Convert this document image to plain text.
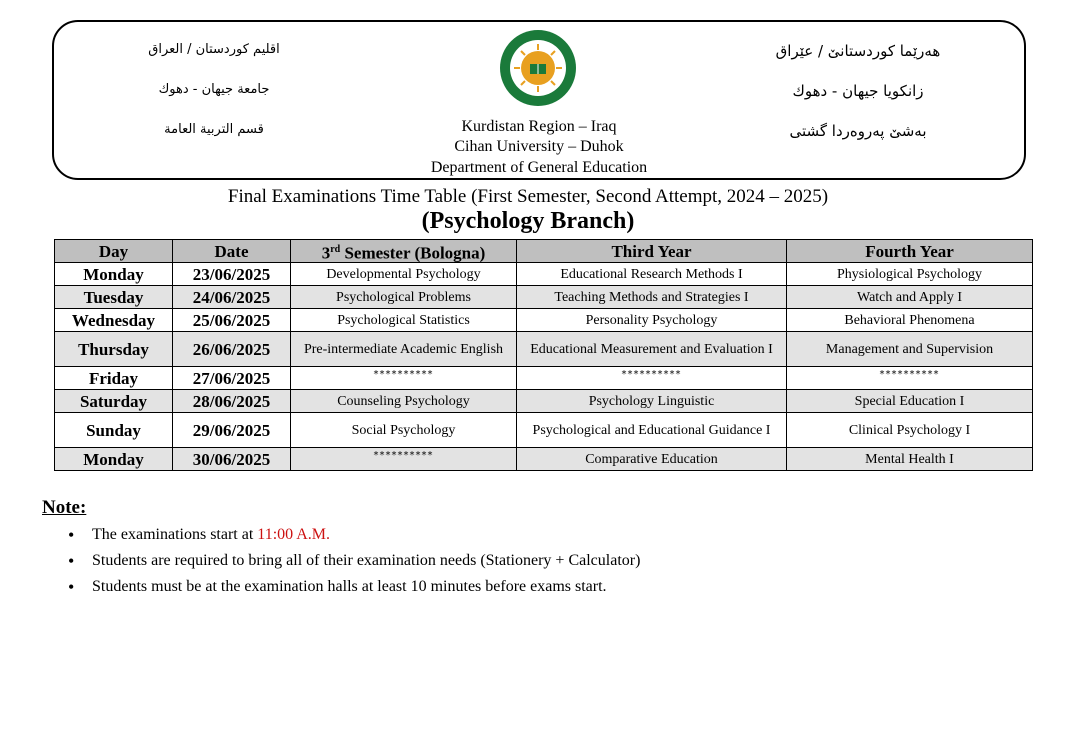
اقليم كوردستان / العراق
جامعة جيهان - دهوك
قسم التربية العامة	Kurdistan Region – Iraq
Cihan University – Duhok
Department of General Education
هەرێما کوردستانێ / عێراق
زانکویا جیهان - دهوك
بەشێ پەروەردا گشتی
Final Examinations Time Table (First Semester, Second Attempt, 2024 – 2025)
(Psychology Branch)
Day	Date	3rd Semester (Bologna)	Third Year	Fourth Year
Monday	23/06/2025	Developmental Psychology	Educational Research Methods I	Physiological Psychology
Tuesday	24/06/2025	Psychological Problems	Teaching Methods and Strategies I	Watch and Apply I
Wednesday	25/06/2025	Psychological Statistics	Personality Psychology	Behavioral Phenomena
Thursday	26/06/2025	Pre-intermediate Academic English	Educational Measurement and Evaluation I	Management and Supervision
Friday	27/06/2025	**********	**********	**********
Saturday	28/06/2025	Counseling Psychology	Psychology Linguistic	Special Education I
Sunday	29/06/2025	Social Psychology	Psychological and Educational Guidance I	Clinical Psychology I
Monday	30/06/2025	**********	Comparative Education	Mental Health I
Note:
• The examinations start at 11:00 A.M.
• Students are required to bring all of their examination needs (Stationery + Calculator)
• Students must be at the examination halls at least 10 minutes before exams start.
